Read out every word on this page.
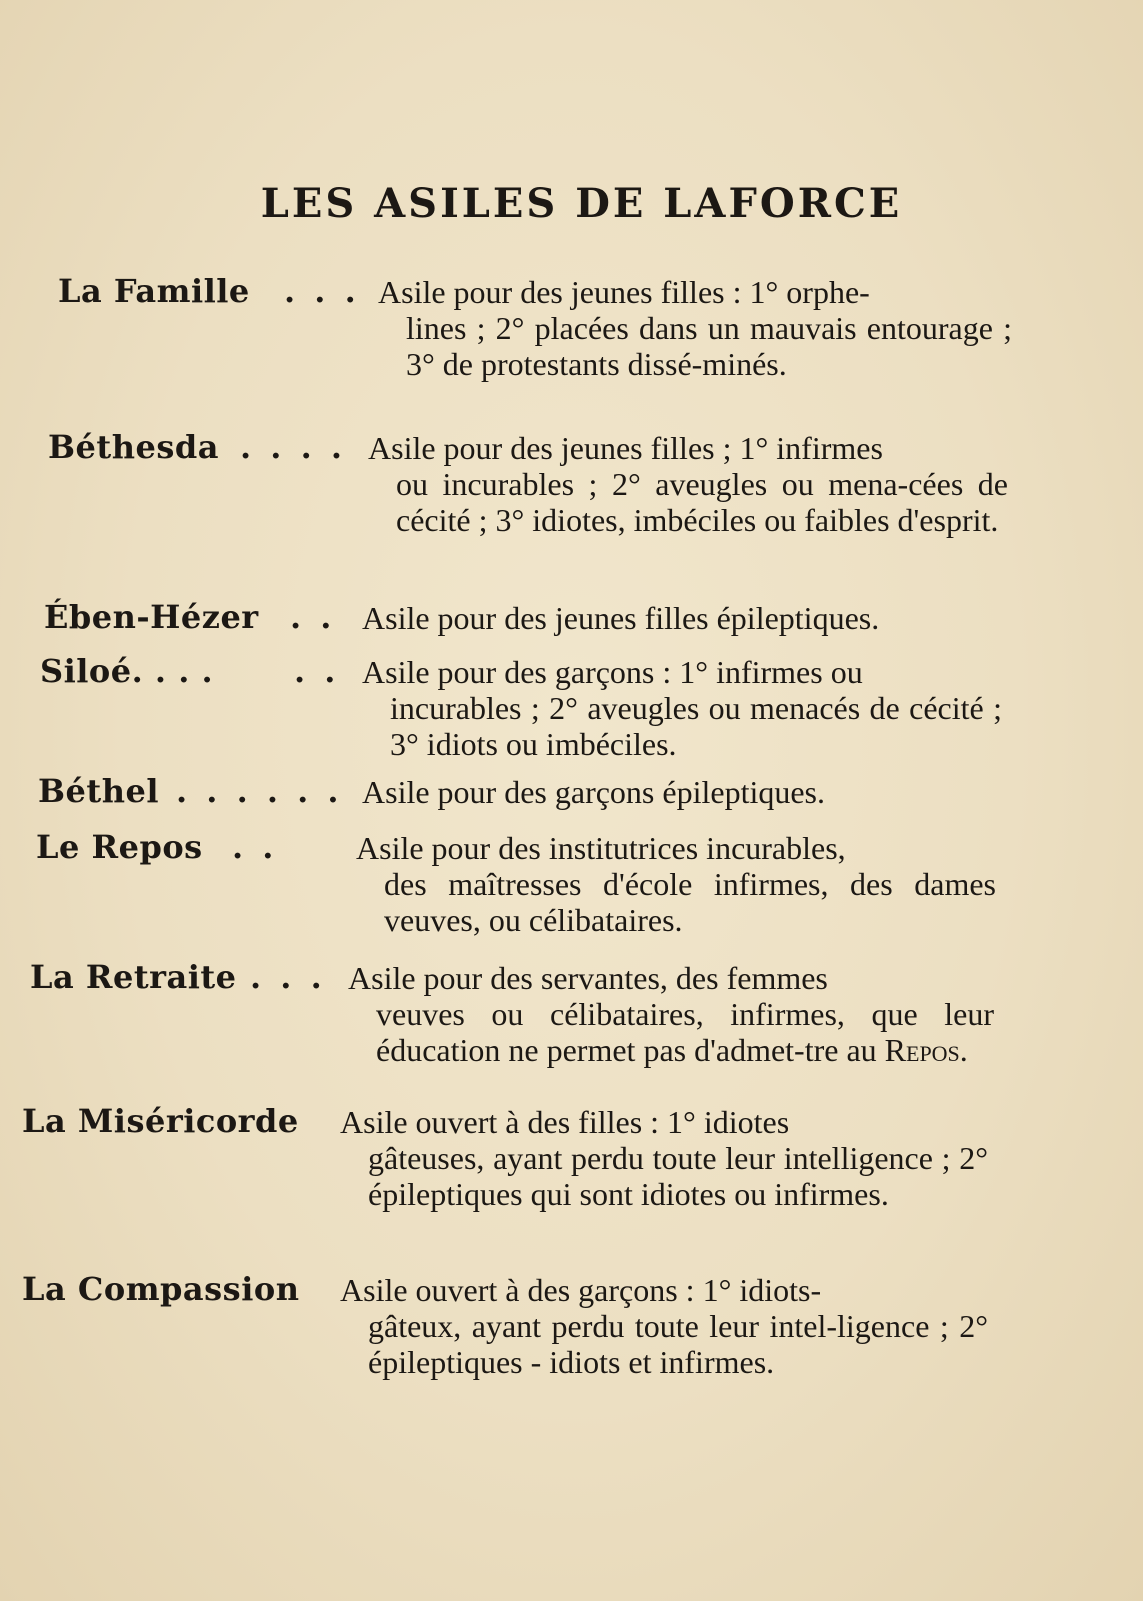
LES ASILES DE LAFORCE
La Famille	. . . Asile pour des jeunes filles : 1° orphe-
lines ; 2° placées dans un mauvais entourage ; 3° de protestants dissé-minés.
Béthesda . . . . Asile pour des jeunes filles ; 1° infirmes
ou incurables ; 2° aveugles ou mena-cées de cécité ; 3° idiotes, imbéciles ou faibles d'esprit.
Ében-Hézer . . Asile pour des jeunes filles épileptiques.
Siloé. . . .	. . Asile pour des garçons : 1° infirmes ou
incurables ; 2° aveugles ou menacés de cécité ; 3° idiots ou imbéciles.
Béthel . . . . . . Asile pour des garçons épileptiques.
Le Repos . . Asile pour des institutrices incurables,
des maîtresses d'école infirmes, des dames veuves, ou célibataires.
La Retraite . . . Asile pour des servantes, des femmes
veuves ou célibataires, infirmes, que leur éducation ne permet pas d'admet-tre au Repos.
La Miséricorde	Asile ouvert à des filles : 1° idiotes
gâteuses, ayant perdu toute leur intelligence ; 2° épileptiques qui sont idiotes ou infirmes.
La Compassion	Asile ouvert à des garçons : 1° idiots-
gâteux, ayant perdu toute leur intel-ligence ; 2° épileptiques - idiots et infirmes.
